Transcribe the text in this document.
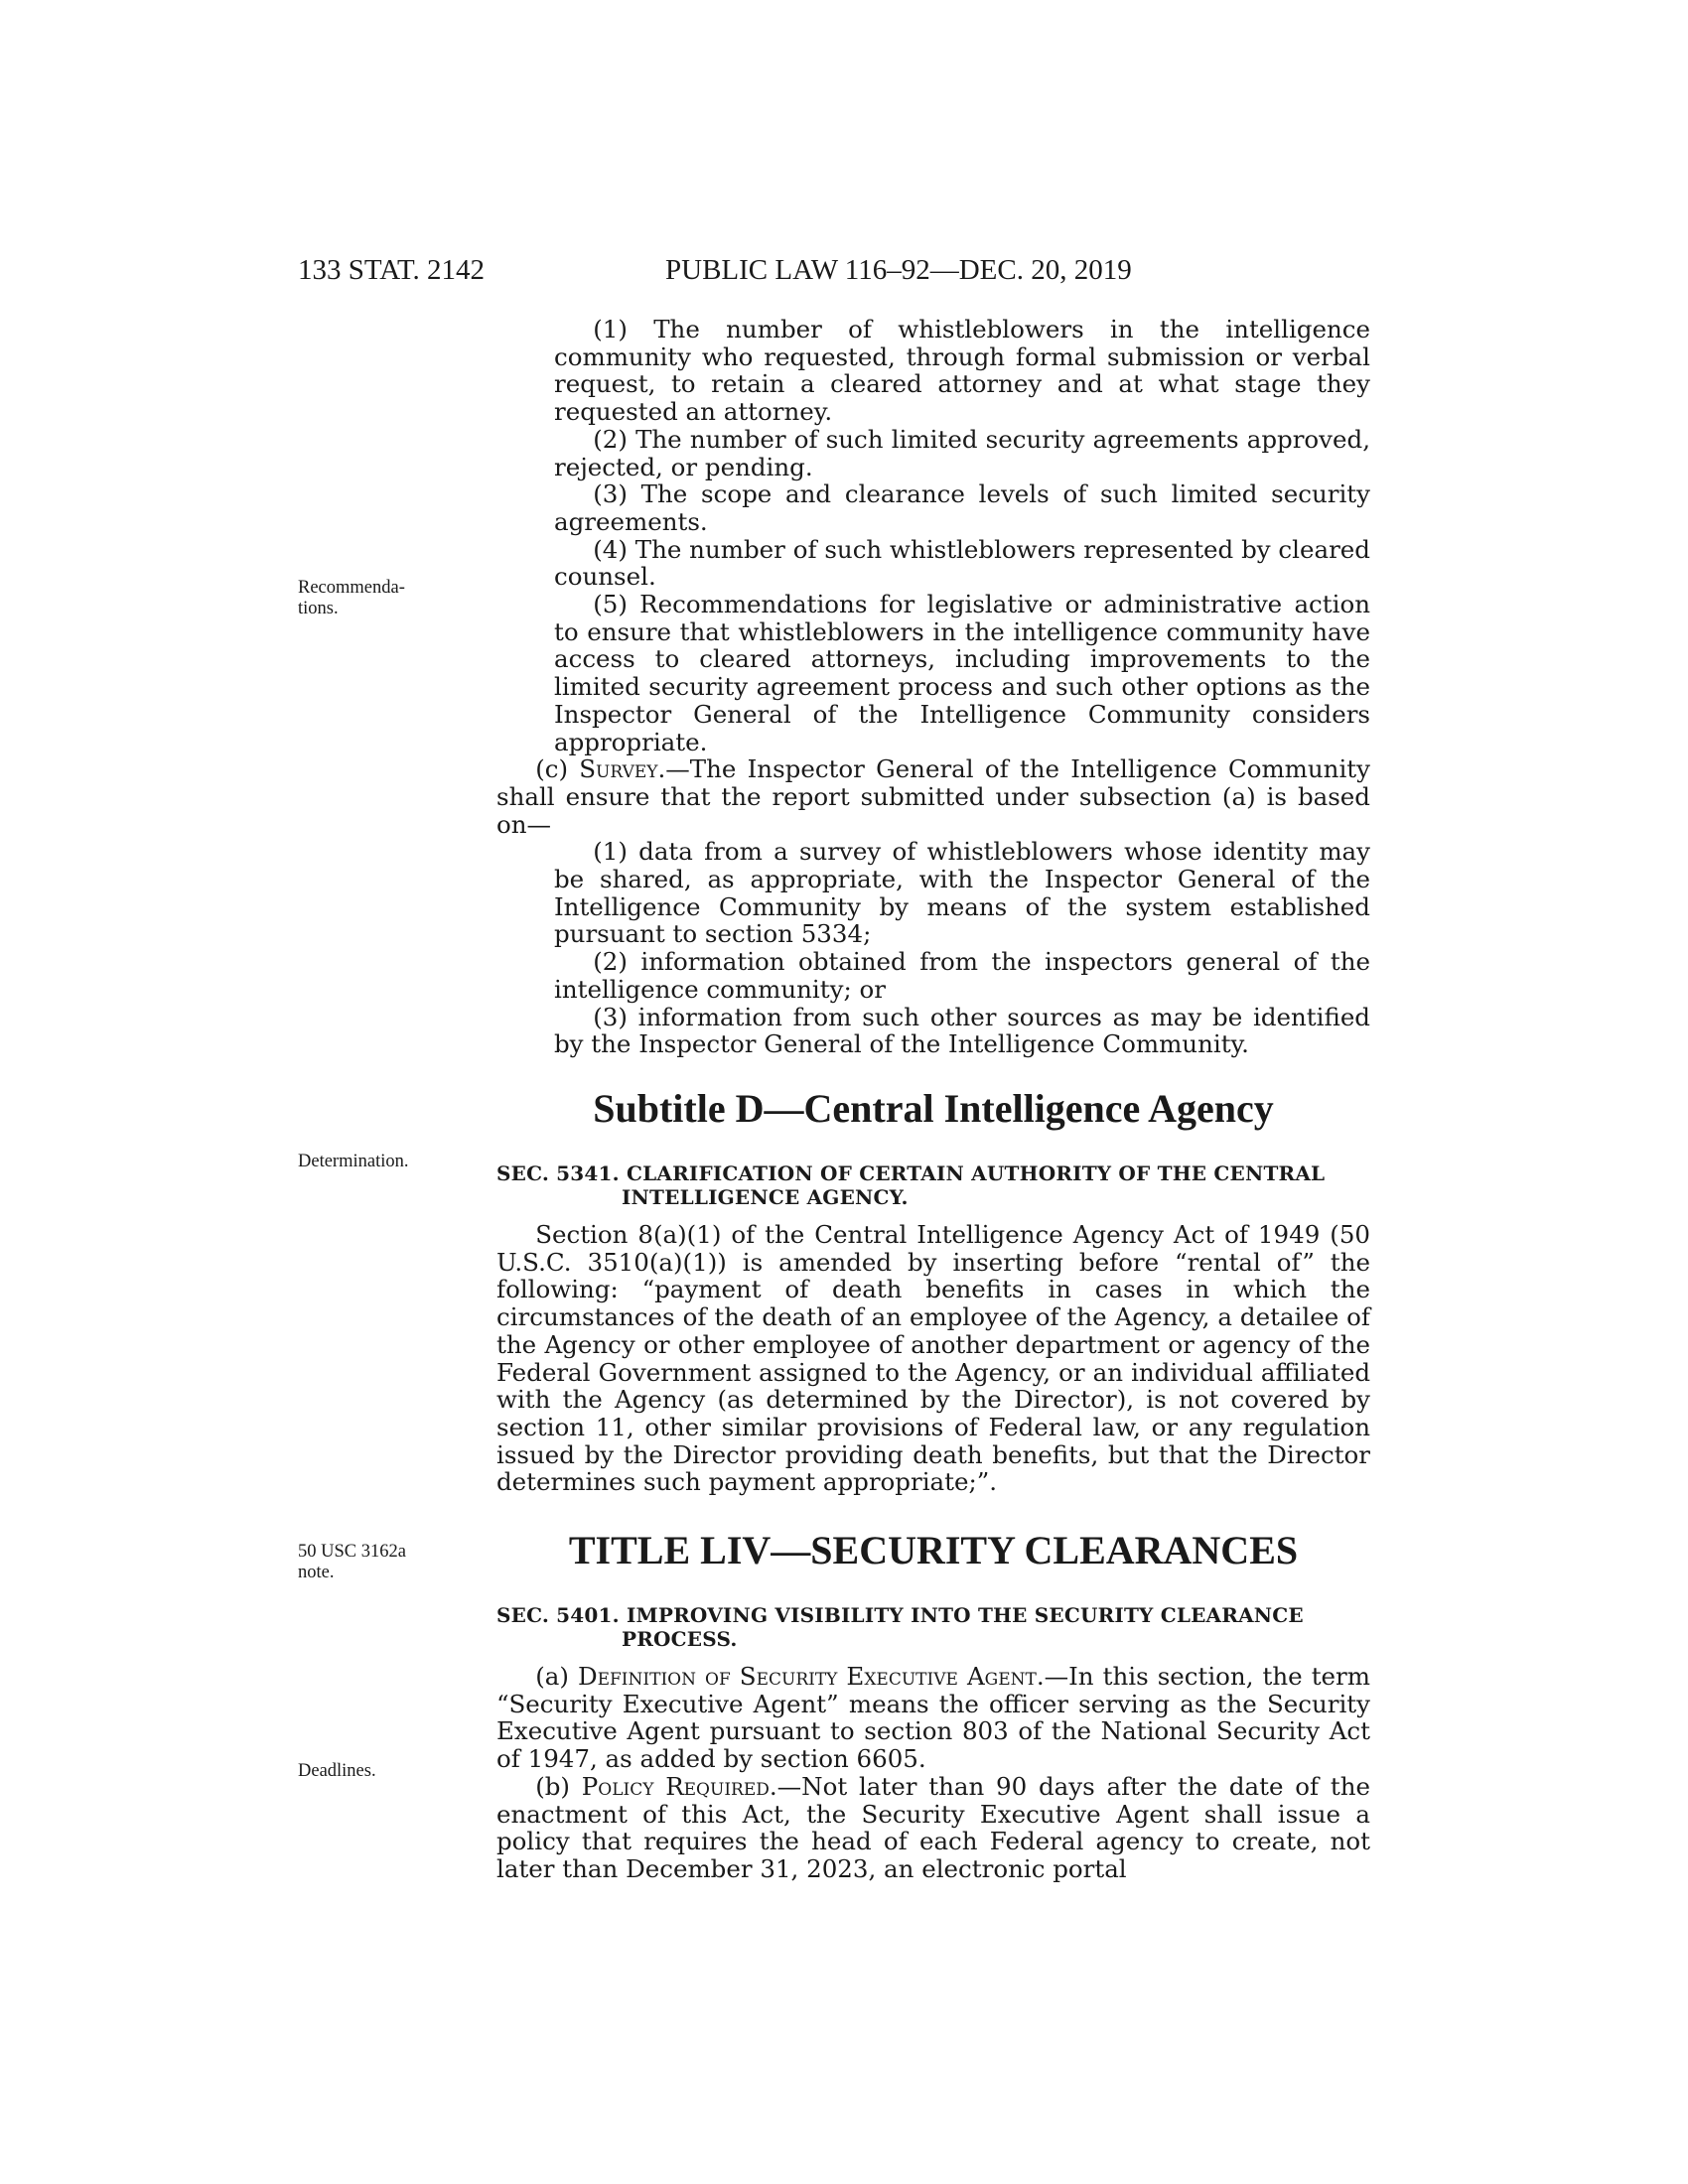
133 STAT. 2142	PUBLIC LAW 116–92—DEC. 20, 2019
Recommenda-
tions.
Determination.
50 USC 3162a
note.
Deadlines.

(1) The number of whistleblowers in the intelligence community who requested, through formal submission or verbal request, to retain a cleared attorney and at what stage they requested an attorney.

(2) The number of such limited security agreements approved, rejected, or pending.

(3) The scope and clearance levels of such limited security agreements.

(4) The number of such whistleblowers represented by cleared counsel.

(5) Recommendations for legislative or administrative action to ensure that whistleblowers in the intelligence community have access to cleared attorneys, including improvements to the limited security agreement process and such other options as the Inspector General of the Intelligence Community considers appropriate.

(c) Survey.—The Inspector General of the Intelligence Community shall ensure that the report submitted under subsection (a) is based on—

(1) data from a survey of whistleblowers whose identity may be shared, as appropriate, with the Inspector General of the Intelligence Community by means of the system established pursuant to section 5334;

(2) information obtained from the inspectors general of the intelligence community; or

(3) information from such other sources as may be identified by the Inspector General of the Intelligence Community.

Subtitle D—Central Intelligence Agency
SEC. 5341. CLARIFICATION OF CERTAIN AUTHORITY OF THE CENTRAL INTELLIGENCE AGENCY.

Section 8(a)(1) of the Central Intelligence Agency Act of 1949 (50 U.S.C. 3510(a)(1)) is amended by inserting before “rental of” the following: “payment of death benefits in cases in which the circumstances of the death of an employee of the Agency, a detailee of the Agency or other employee of another department or agency of the Federal Government assigned to the Agency, or an individual affiliated with the Agency (as determined by the Director), is not covered by section 11, other similar provisions of Federal law, or any regulation issued by the Director providing death benefits, but that the Director determines such payment appropriate;”.

TITLE LIV—SECURITY CLEARANCES
SEC. 5401. IMPROVING VISIBILITY INTO THE SECURITY CLEARANCE PROCESS.

(a) Definition of Security Executive Agent.—In this section, the term “Security Executive Agent” means the officer serving as the Security Executive Agent pursuant to section 803 of the National Security Act of 1947, as added by section 6605.

(b) Policy Required.—Not later than 90 days after the date of the enactment of this Act, the Security Executive Agent shall issue a policy that requires the head of each Federal agency to create, not later than December 31, 2023, an electronic portal
